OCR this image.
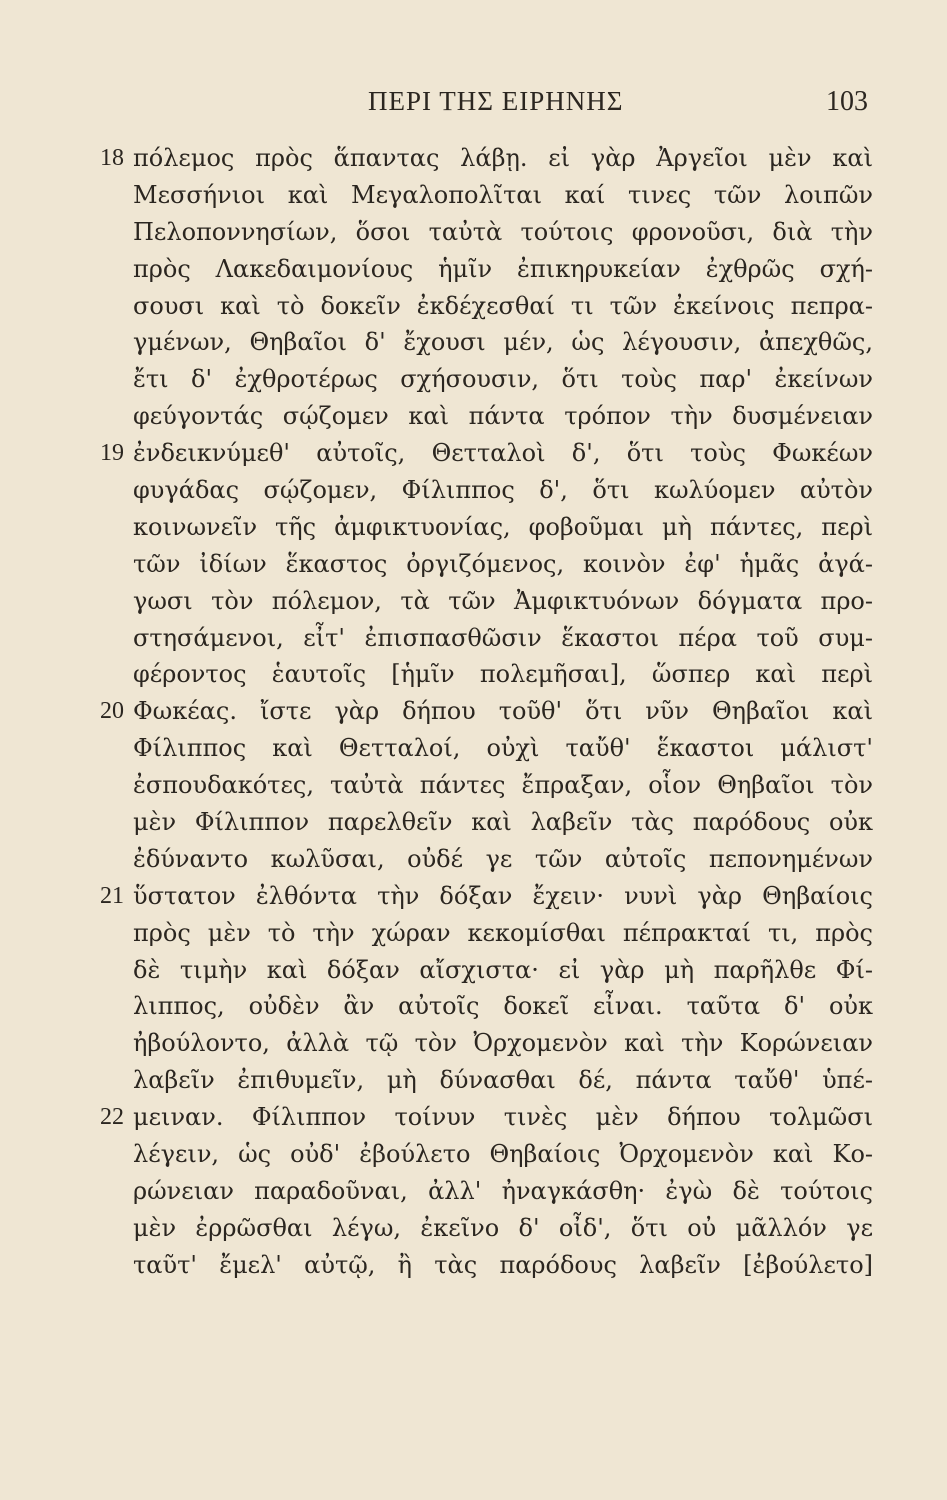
ΠΕΡΙ ΤΗΣ ΕΙΡΗΝΗΣ	103
18 πόλεμος πρὸς ἅπαντας λάβῃ. εἰ γὰρ Ἀργεῖοι μὲν καὶ
Μεσσήνιοι καὶ Μεγαλοπολῖται καί τινες τῶν λοιπῶν
Πελοποννησίων, ὅσοι ταὐτὰ τούτοις φρονοῦσι, διὰ τὴν
πρὸς Λακεδαιμονίους ἡμῖν ἐπικηρυκείαν ἐχθρῶς σχή-
σουσι καὶ τὸ δοκεῖν ἐκδέχεσθαί τι τῶν ἐκείνοις πεπρα-
γμένων, Θηβαῖοι δ' ἔχουσι μέν, ὡς λέγουσιν, ἀπεχθῶς,
ἔτι δ' ἐχθροτέρως σχήσουσιν, ὅτι τοὺς παρ' ἐκείνων
φεύγοντάς σῴζομεν καὶ πάντα τρόπον τὴν δυσμένειαν
19 ἐνδεικνύμεθ' αὐτοῖς, Θετταλοὶ δ', ὅτι τοὺς Φωκέων
φυγάδας σῴζομεν, Φίλιππος δ', ὅτι κωλύομεν αὐτὸν
κοινωνεῖν τῆς ἀμφικτυονίας, φοβοῦμαι μὴ πάντες, περὶ
τῶν ἰδίων ἕκαστος ὀργιζόμενος, κοινὸν ἐφ' ἡμᾶς ἀγά-
γωσι τὸν πόλεμον, τὰ τῶν Ἀμφικτυόνων δόγματα προ-
στησάμενοι, εἶτ' ἐπισπασθῶσιν ἕκαστοι πέρα τοῦ συμ-
φέροντος ἑαυτοῖς [ἡμῖν πολεμῆσαι], ὥσπερ καὶ περὶ
20 Φωκέας. ἴστε γὰρ δήπου τοῦθ' ὅτι νῦν Θηβαῖοι καὶ
Φίλιππος καὶ Θετταλοί, οὐχὶ ταὔθ' ἕκαστοι μάλιστ'
ἐσπουδακότες, ταὐτὰ πάντες ἔπραξαν, οἷον Θηβαῖοι τὸν
μὲν Φίλιππον παρελθεῖν καὶ λαβεῖν τὰς παρόδους οὐκ
ἐδύναντο κωλῦσαι, οὐδέ γε τῶν αὐτοῖς πεπονημένων
21 ὕστατον ἐλθόντα τὴν δόξαν ἔχειν· νυνὶ γὰρ Θηβαίοις
πρὸς μὲν τὸ τὴν χώραν κεκομίσθαι πέπρακταί τι, πρὸς
δὲ τιμὴν καὶ δόξαν αἴσχιστα· εἰ γὰρ μὴ παρῆλθε Φί-
λιππος, οὐδὲν ἂν αὐτοῖς δοκεῖ εἶναι. ταῦτα δ' οὐκ
ἠβούλοντο, ἀλλὰ τῷ τὸν Ὀρχομενὸν καὶ τὴν Κορώνειαν
λαβεῖν ἐπιθυμεῖν, μὴ δύνασθαι δέ, πάντα ταὔθ' ὑπέ-
22 μειναν. Φίλιππον τοίνυν τινὲς μὲν δήπου τολμῶσι
λέγειν, ὡς οὐδ' ἐβούλετο Θηβαίοις Ὀρχομενὸν καὶ Κο-
ρώνειαν παραδοῦναι, ἀλλ' ἠναγκάσθη· ἐγὼ δὲ τούτοις
μὲν ἐρρῶσθαι λέγω, ἐκεῖνο δ' οἶδ', ὅτι οὐ μᾶλλόν γε
ταῦτ' ἔμελ' αὐτῷ, ἢ τὰς παρόδους λαβεῖν [ἐβούλετο]
